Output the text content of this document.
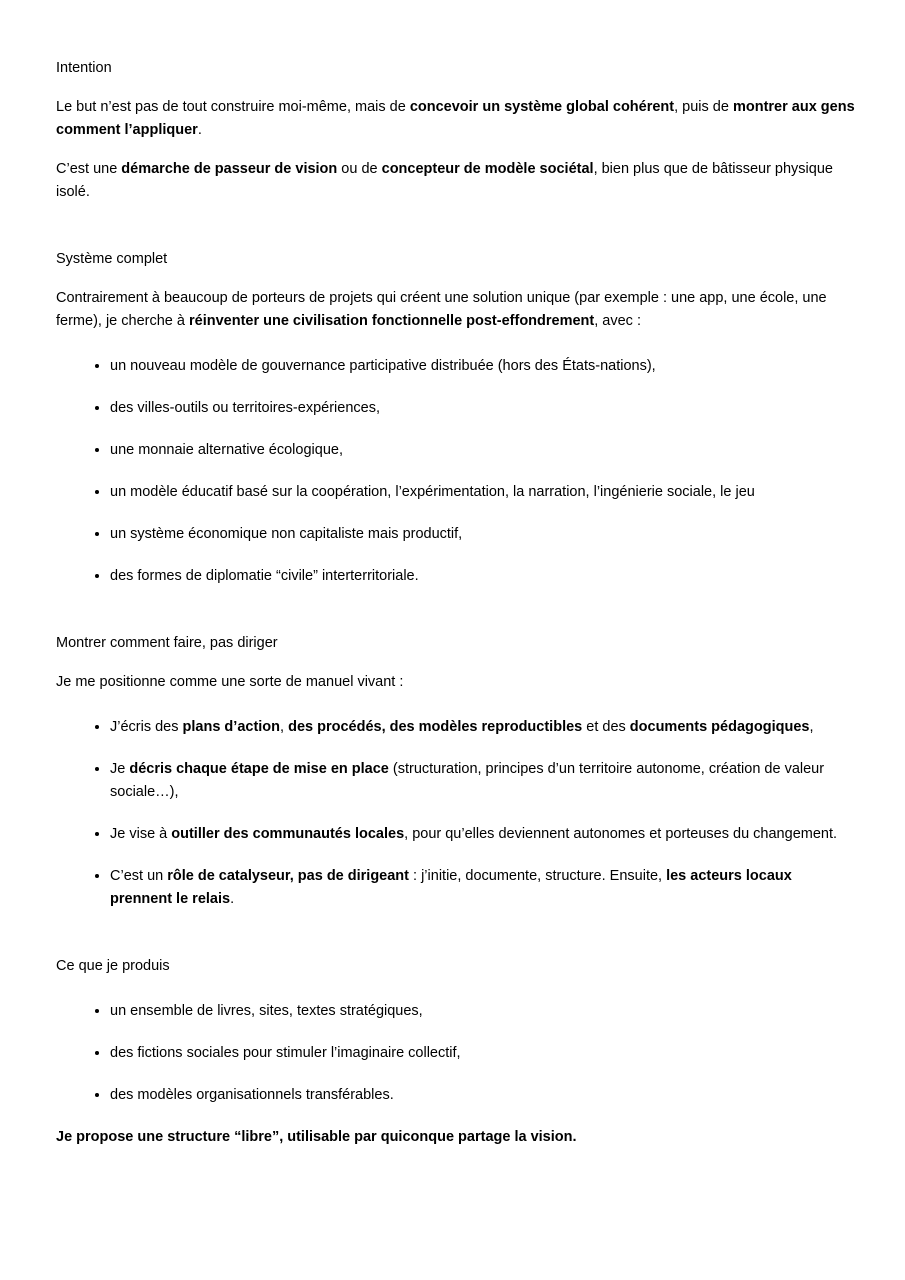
Intention

Le but n’est pas de tout construire moi-même, mais de concevoir un système global cohérent, puis de montrer aux gens comment l’appliquer.

C’est une démarche de passeur de vision ou de concepteur de modèle sociétal, bien plus que de bâtisseur physique isolé.

Système complet

Contrairement à beaucoup de porteurs de projets qui créent une solution unique (par exemple : une app, une école, une ferme), je cherche à réinventer une civilisation fonctionnelle post-effondrement, avec :

• un nouveau modèle de gouvernance participative distribuée (hors des États-nations),
• des villes-outils ou territoires-expériences,
• une monnaie alternative écologique,
• un modèle éducatif basé sur la coopération, l’expérimentation, la narration, l’ingénierie sociale, le jeu
• un système économique non capitaliste mais productif,
• des formes de diplomatie “civile” interterritoriale.
Montrer comment faire, pas diriger

Je me positionne comme une sorte de manuel vivant :

• J’écris des plans d’action, des procédés, des modèles reproductibles et des documents pédagogiques,
• Je décris chaque étape de mise en place (structuration, principes d’un territoire autonome, création de valeur sociale…),
• Je vise à outiller des communautés locales, pour qu’elles deviennent autonomes et porteuses du changement.
• C’est un rôle de catalyseur, pas de dirigeant : j’initie, documente, structure. Ensuite, les acteurs locaux prennent le relais.
Ce que je produis
• un ensemble de livres, sites, textes stratégiques,
• des fictions sociales pour stimuler l’imaginaire collectif,
• des modèles organisationnels transférables.

Je propose une structure “libre”, utilisable par quiconque partage la vision.
